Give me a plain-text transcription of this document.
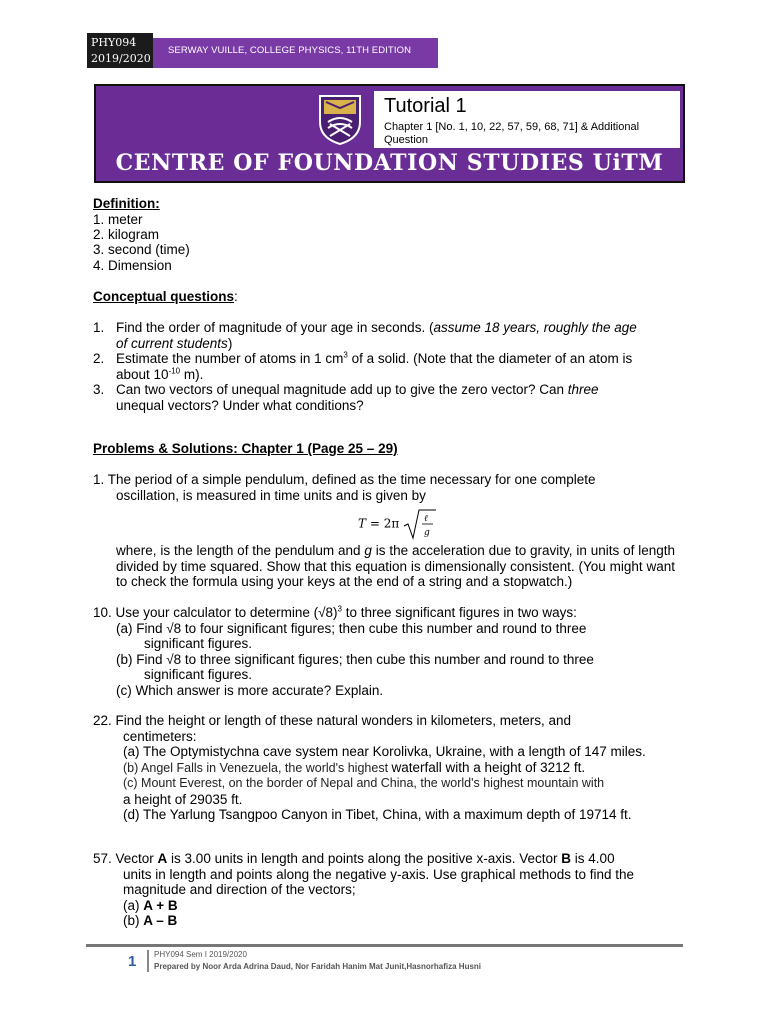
PHY094
2019/2020
SERWAY VUILLE, COLLEGE PHYSICS, 11TH EDITION
Tutorial 1
Chapter 1 [No. 1, 10, 22, 57, 59, 68, 71] & Additional Question
CENTRE OF FOUNDATION STUDIES UiTM
Definition:
1. meter
2. kilogram
3. second (time)
4. Dimension
Conceptual questions:
1. Find the order of magnitude of your age in seconds. (assume 18 years, roughly the age
of current students)
2. Estimate the number of atoms in 1 $cm^3$ of a solid. (Note that the diameter of an atom is
about $10^{-10}$ m).
3. Can two vectors of unequal magnitude add up to give the zero vector? Can three
unequal vectors? Under what conditions?
Problems & Solutions: Chapter 1 (Page 25 – 29)
1. The period of a simple pendulum, defined as the time necessary for one complete
oscillation, is measured in time units and is given by
T = 2π	ℓ
g
where, is the length of the pendulum and g is the acceleration due to gravity, in units of length divided by time squared. Show that this equation is dimensionally consistent. (You might want to check the formula using your keys at the end of a string and a stopwatch.)
10. Use your calculator to determine $(√8)^3$ to three significant figures in two ways:
(a) Find √8 to four significant figures; then cube this number and round to three
significant figures.
(b) Find √8 to three significant figures; then cube this number and round to three
significant figures.
(c) Which answer is more accurate? Explain.
22. Find the height or length of these natural wonders in kilometers, meters, and
centimeters:
(a) The Optymistychna cave system near Korolivka, Ukraine, with a length of 147 miles.
(b) Angel Falls in Venezuela, the world's highest waterfall with a height of 3212 ft.
(c) Mount Everest, on the border of Nepal and China, the world's highest mountain with
a height of 29035 ft.
(d) The Yarlung Tsangpoo Canyon in Tibet, China, with a maximum depth of 19714 ft.
57. Vector A is 3.00 units in length and points along the positive x-axis. Vector B is 4.00
units in length and points along the negative y-axis. Use graphical methods to find the
magnitude and direction of the vectors;
(a) A + B
(b) A – B
1 PHY094 Sem I 2019/2020
Prepared by Noor Arda Adrina Daud, Nor Faridah Hanim Mat Junit,Hasnorhafiza Husni
